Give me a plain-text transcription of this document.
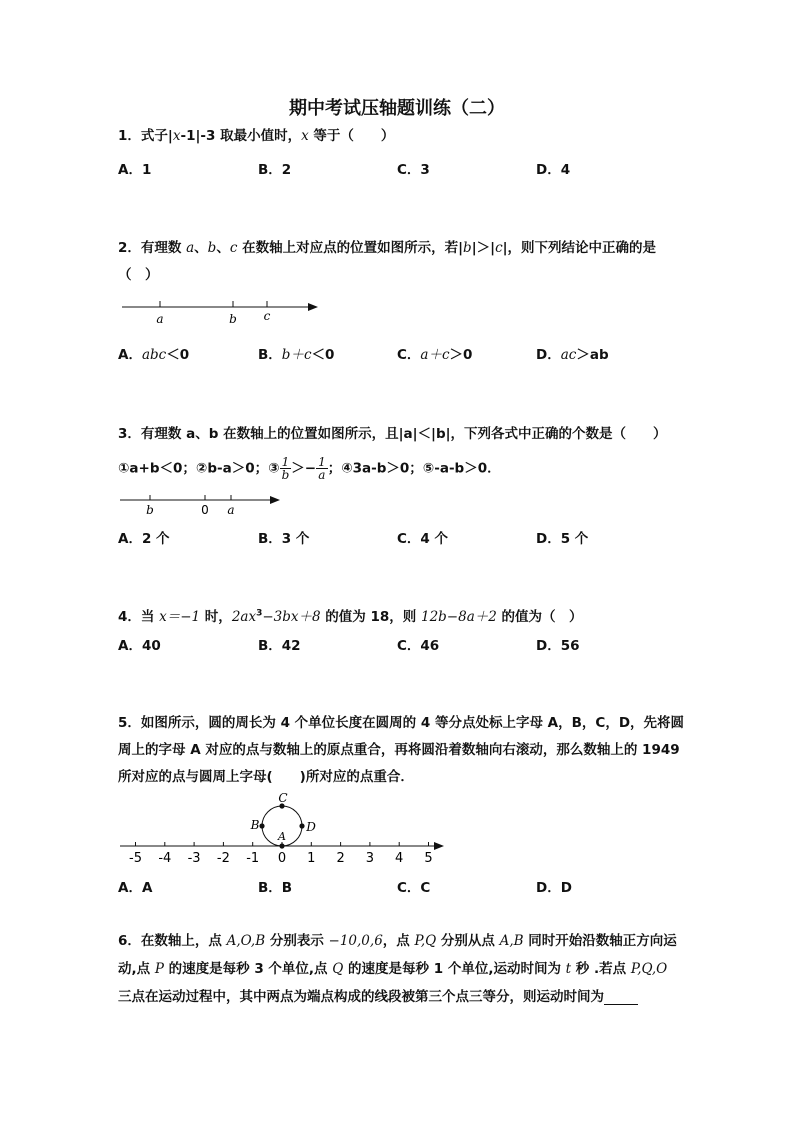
期中考试压轴题训练（二）
1．式子|x-1|-3 取最小值时，x 等于（　　）
A．1	B．2	C．3	D．4
2．有理数 a、b、c 在数轴上对应点的位置如图所示，若|b|＞|c|，则下列结论中正确的是
（　）
a	b c
A．abc＜0	B．b＋c＜0	C．a＋c＞0	D．ac＞ab
3．有理数 a、b 在数轴上的位置如图所示，且|a|＜|b|，下列各式中正确的个数是（　　）
①a+b＜0；②b-a＞0；③ $\frac{1}{b} >- \frac{1}{a}$ ；④3a-b＞0；⑤-a-b＞0．
b	0 a
A．2 个	B．3 个	C．4 个	D．5 个
4．当 x＝−1 时，$2ax^3-3bx+8$ 的值为 18，则 12b−8a＋2 的值为（　）
A．40	B．42	C．46	D．56
5．如图所示，圆的周长为 4 个单位长度在圆周的 4 等分点处标上字母 A，B，C，D，先将圆
周上的字母 A 对应的点与数轴上的原点重合，再将圆沿着数轴向右滚动，那么数轴上的 1949
所对应的点与圆周上字母(　　)所对应的点重合．
-5 -4 -3 -2 -1 0 1 2 3 4 5
C
B	D
A
A．A	B．B	C．C	D．D
6．在数轴上，点 A,O,B 分别表示 −10,0,6，点 P,Q 分别从点 A,B 同时开始沿数轴正方向运
动,点 P 的速度是每秒 3 个单位,点 Q 的速度是每秒 1 个单位,运动时间为 t 秒 .若点 P,Q,O
三点在运动过程中，其中两点为端点构成的线段被第三个点三等分，则运动时间为
